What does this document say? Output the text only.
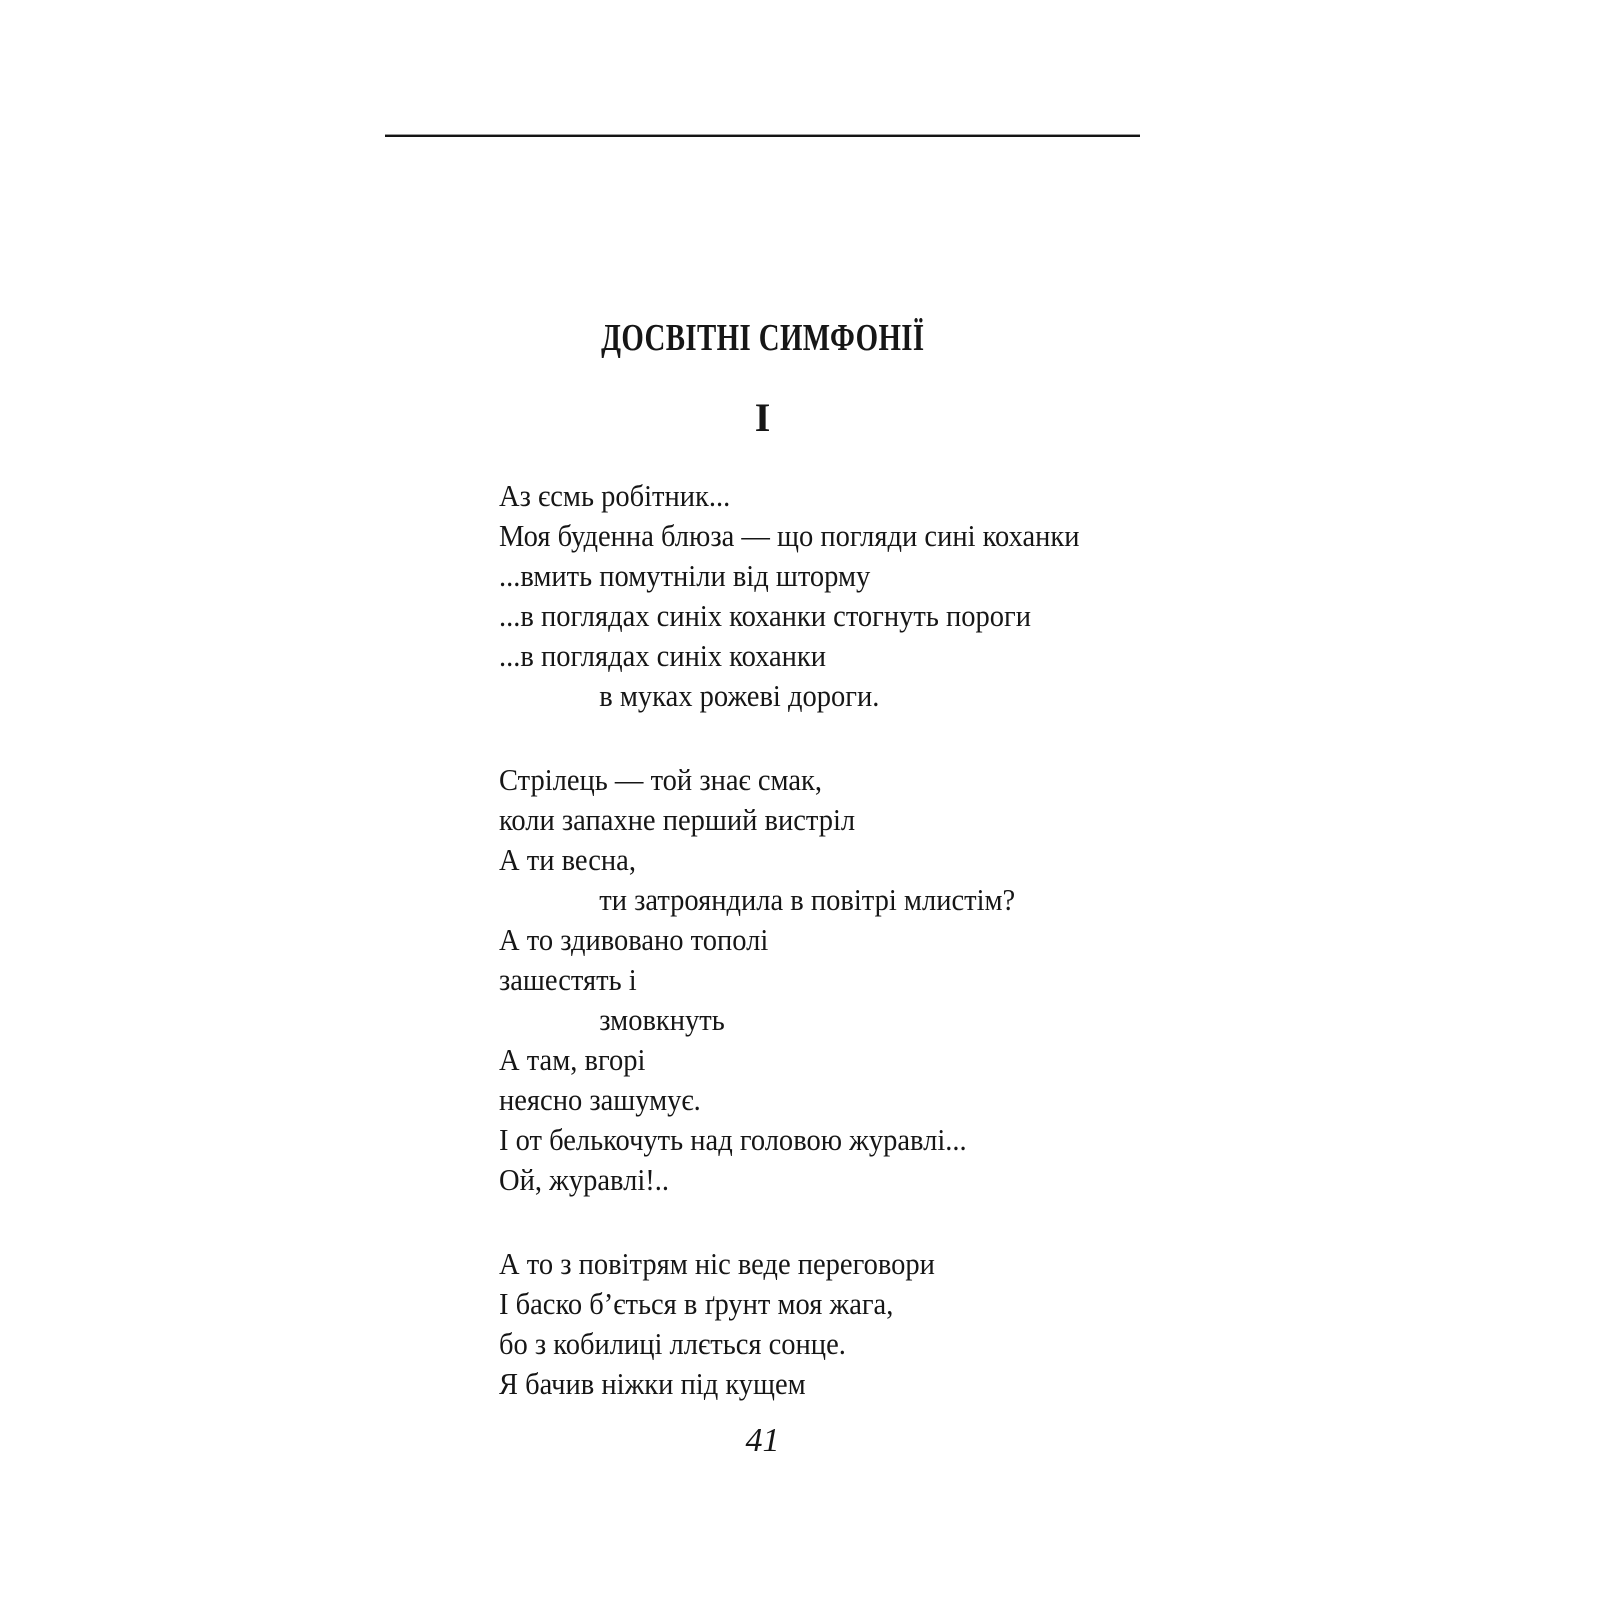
ДОСВІТНІ СИМФОНІЇ
I
Аз єсмь робітник...
Моя буденна блюза — що погляди сині коханки
...вмить помутніли від шторму
...в поглядах синіх коханки стогнуть пороги
...в поглядах синіх коханки
в муках рожеві дороги.
Стрілець — той знає смак,
коли запахне перший вистріл
А ти весна,
ти затрояндила в повітрі млистім?
А то здивовано тополі
зашестять і
змовкнуть
А там, вгорі
неясно зашумує.
І от белькочуть над головою журавлі...
Ой, журавлі!..
А то з повітрям ніс веде переговори
І баско б’ється в ґрунт моя жага,
бо з кобилиці ллється сонце.
Я бачив ніжки під кущем
41
